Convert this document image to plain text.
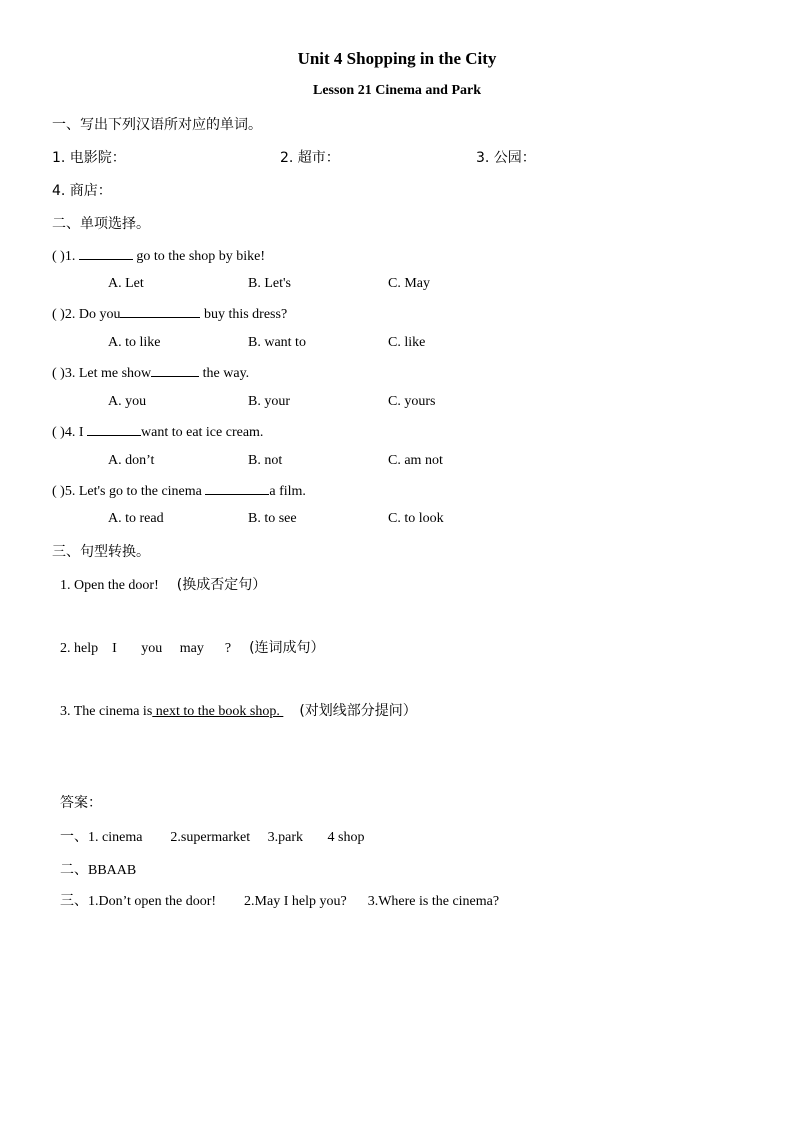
Unit 4 Shopping in the City
Lesson 21 Cinema and Park
一、写出下列汉语所对应的单词。
1. 电影院：	2. 超市：	3. 公园：
4. 商店：
二、单项选择。
( )1.	go to the shop by bike!
A. Let	B. Let's	C. May
( )2. Do you	buy this dress?
A. to like	B. want to	C. like
( )3. Let me show	the way.
A. you	B. your	C. yours
( )4. I	want to eat ice cream.
A. don’t	B. not	C. am not
( )5. Let's go to the cinema	a film.
A. to read	B. to see	C. to look
三、句型转换。
1. Open the door! (换成否定句）
2. help    I       you     may      ? (连词成句）
3. The cinema is next to the book shop.  (对划线部分提问）
答案：
一、1. cinema        2.supermarket     3.park       4 shop
二、BBAAB
三、1.Don’t open the door!        2.May I help you?      3.Where is the cinema?
